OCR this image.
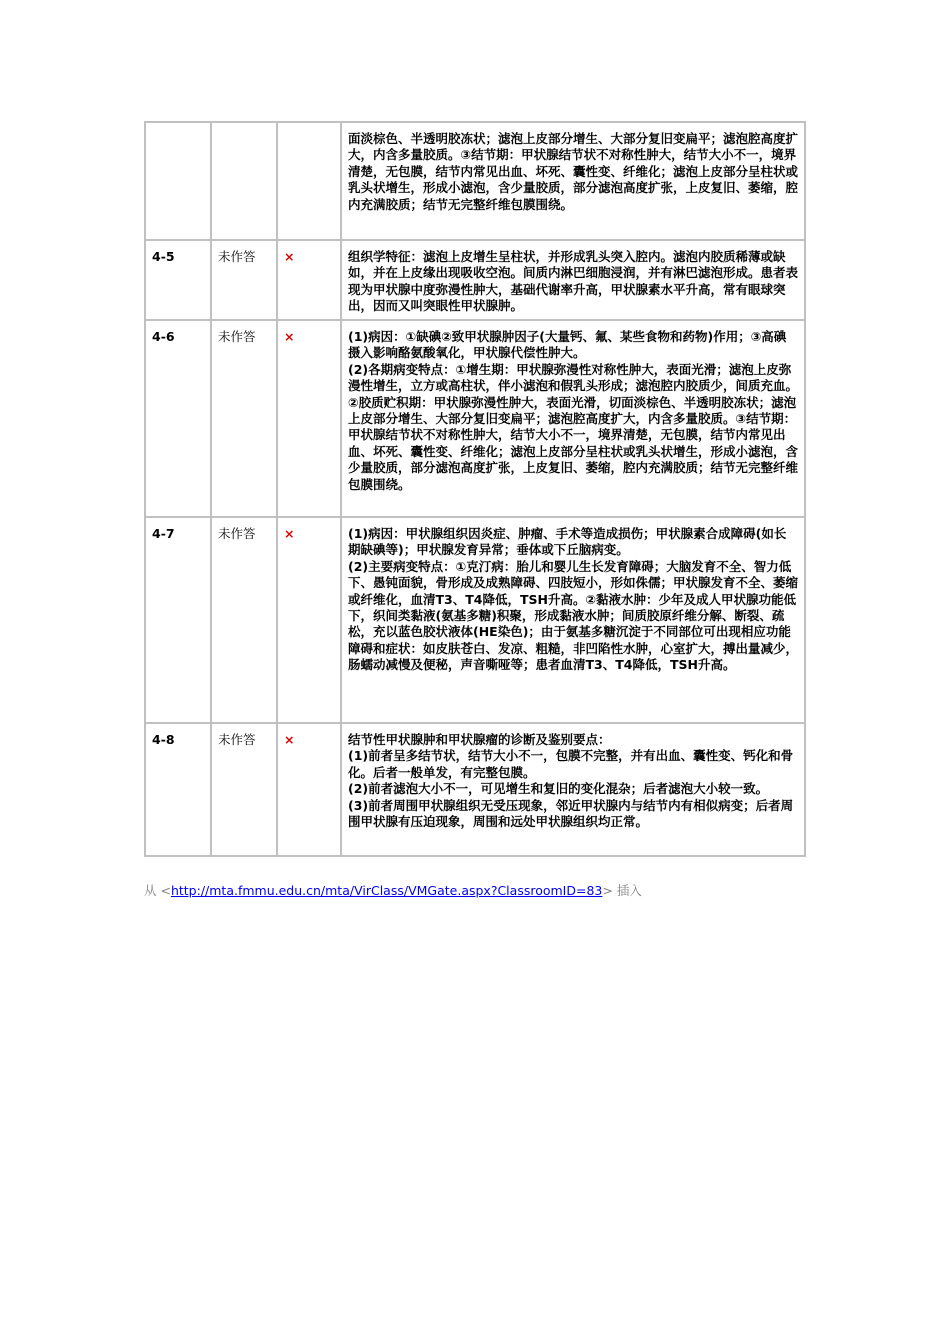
			面淡棕色、半透明胶冻状；滤泡上皮部分增生、大部分复旧变扁平；滤泡腔高度扩大，内含多量胶质。③结节期：甲状腺结节状不对称性肿大，结节大小不一，境界清楚，无包膜，结节内常见出血、坏死、囊性变、纤维化；滤泡上皮部分呈柱状或乳头状增生，形成小滤泡，含少量胶质，部分滤泡高度扩张，上皮复旧、萎缩，腔内充满胶质；结节无完整纤维包膜围绕。

4-5	未作答	×	组织学特征：滤泡上皮增生呈柱状，并形成乳头突入腔内。滤泡内胶质稀薄或缺如，并在上皮缘出现吸收空泡。间质内淋巴细胞浸润，并有淋巴滤泡形成。患者表现为甲状腺中度弥漫性肿大，基础代谢率升高，甲状腺素水平升高，常有眼球突出，因而又叫突眼性甲状腺肿。

4-6	未作答	×	(1)病因：①缺碘②致甲状腺肿因子(大量钙、氟、某些食物和药物)作用；③高碘摄入影响酪氨酸氧化，甲状腺代偿性肿大。
(2)各期病变特点：①增生期：甲状腺弥漫性对称性肿大，表面光滑；滤泡上皮弥漫性增生，立方或高柱状，伴小滤泡和假乳头形成；滤泡腔内胶质少，间质充血。②胶质贮积期：甲状腺弥漫性肿大，表面光滑，切面淡棕色、半透明胶冻状；滤泡上皮部分增生、大部分复旧变扁平；滤泡腔高度扩大，内含多量胶质。③结节期：甲状腺结节状不对称性肿大，结节大小不一，境界清楚，无包膜，结节内常见出血、坏死、囊性变、纤维化；滤泡上皮部分呈柱状或乳头状增生，形成小滤泡，含少量胶质，部分滤泡高度扩张，上皮复旧、萎缩，腔内充满胶质；结节无完整纤维包膜围绕。

4-7	未作答	×	(1)病因：甲状腺组织因炎症、肿瘤、手术等造成损伤；甲状腺素合成障碍(如长期缺碘等)；甲状腺发育异常；垂体或下丘脑病变。
(2)主要病变特点：①克汀病：胎儿和婴儿生长发育障碍；大脑发育不全、智力低下、愚钝面貌，骨形成及成熟障碍、四肢短小，形如侏儒；甲状腺发育不全、萎缩或纤维化，血清T3、T4降低，TSH升高。②黏液水肿：少年及成人甲状腺功能低下，织间类黏液(氨基多糖)积聚，形成黏液水肿；间质胶原纤维分解、断裂、疏松，充以蓝色胶状液体(HE染色)；由于氨基多糖沉淀于不同部位可出现相应功能障碍和症状：如皮肤苍白、发凉、粗糙，非凹陷性水肿，心室扩大，搏出量减少，肠蠕动减慢及便秘，声音嘶哑等；患者血清T3、T4降低，TSH升高。

4-8	未作答	×	结节性甲状腺肿和甲状腺瘤的诊断及鉴别要点：
(1)前者呈多结节状，结节大小不一，包膜不完整，并有出血、囊性变、钙化和骨化。后者一般单发，有完整包膜。
(2)前者滤泡大小不一，可见增生和复旧的变化混杂；后者滤泡大小较一致。
(3)前者周围甲状腺组织无受压现象，邻近甲状腺内与结节内有相似病变；后者周围甲状腺有压迫现象，周围和远处甲状腺组织均正常。
从 <http://mta.fmmu.edu.cn/mta/VirClass/VMGate.aspx?ClassroomID=83> 插入
